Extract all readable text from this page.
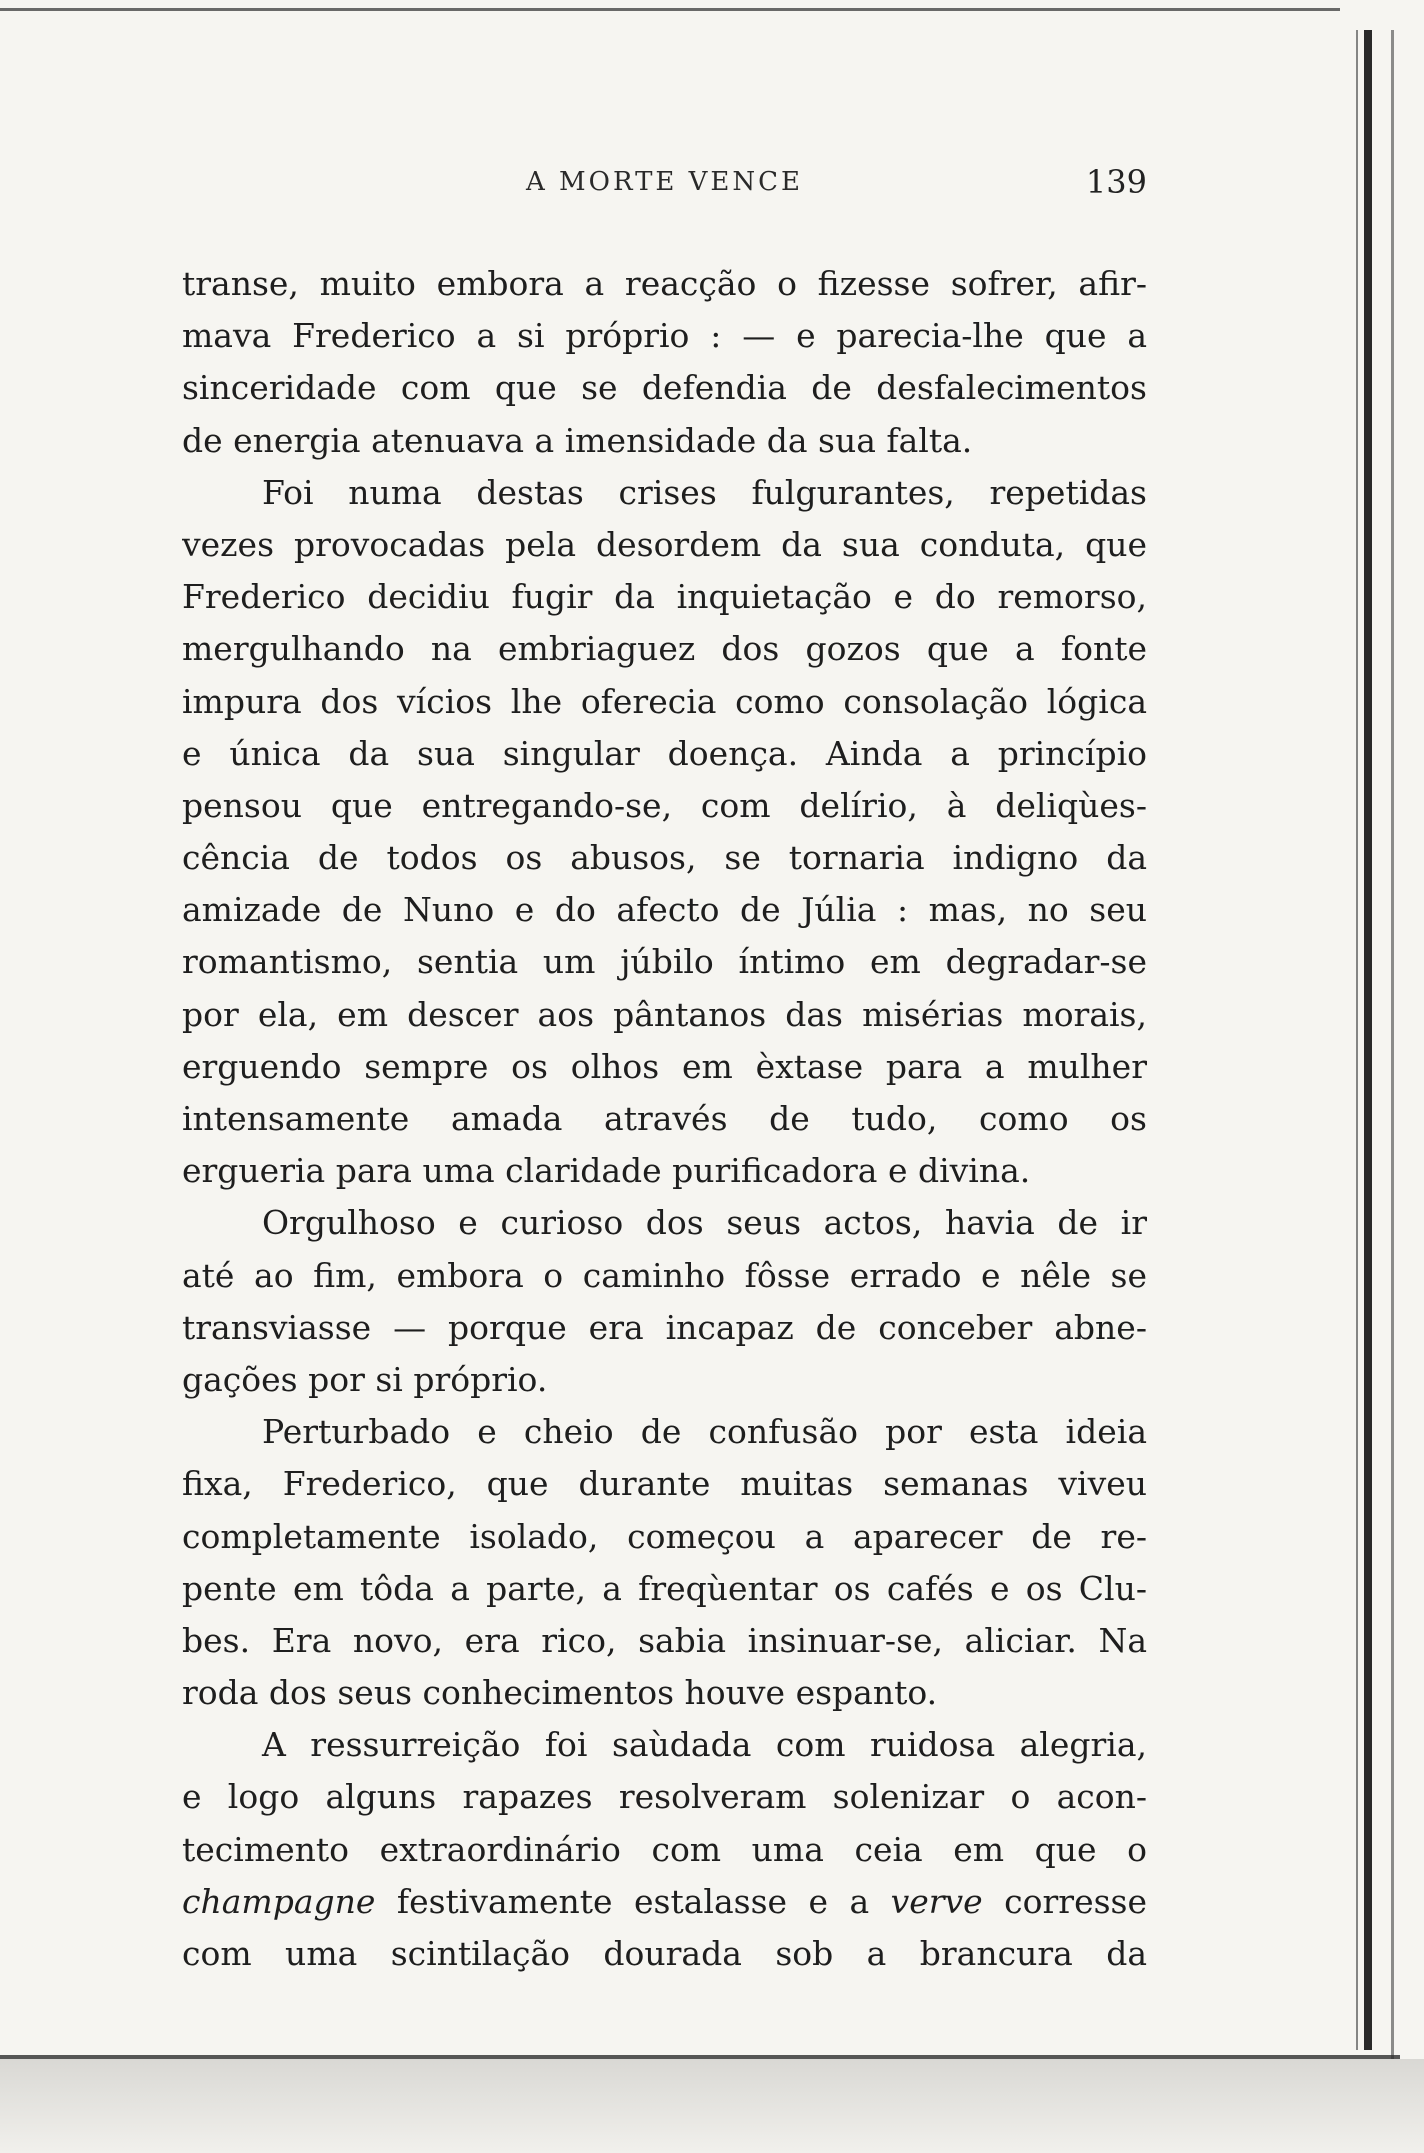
A MORTE VENCE	139
transe, muito embora a reacção o fizesse sofrer, afir-
mava Frederico a si próprio : — e parecia-lhe que a
sinceridade com que se defendia de desfalecimentos
de energia atenuava a imensidade da sua falta.
Foi numa destas crises fulgurantes, repetidas
vezes provocadas pela desordem da sua conduta, que
Frederico decidiu fugir da inquietação e do remorso,
mergulhando na embriaguez dos gozos que a fonte
impura dos vícios lhe oferecia como consolação lógica
e única da sua singular doença. Ainda a princípio
pensou que entregando-se, com delírio, à deliqùes-
cência de todos os abusos, se tornaria indigno da
amizade de Nuno e do afecto de Júlia : mas, no seu
romantismo, sentia um júbilo íntimo em degradar-se
por ela, em descer aos pântanos das misérias morais,
erguendo sempre os olhos em èxtase para a mulher
intensamente amada através de tudo, como os
ergueria para uma claridade purificadora e divina.
Orgulhoso e curioso dos seus actos, havia de ir
até ao fim, embora o caminho fôsse errado e nêle se
transviasse — porque era incapaz de conceber abne-
gações por si próprio.
Perturbado e cheio de confusão por esta ideia
fixa, Frederico, que durante muitas semanas viveu
completamente isolado, começou a aparecer de re-
pente em tôda a parte, a freqùentar os cafés e os Clu-
bes. Era novo, era rico, sabia insinuar-se, aliciar. Na
roda dos seus conhecimentos houve espanto.
A ressurreição foi saùdada com ruidosa alegria,
e logo alguns rapazes resolveram solenizar o acon-
tecimento extraordinário com uma ceia em que o
champagne festivamente estalasse e a verve corresse
com uma scintilação dourada sob a brancura da
